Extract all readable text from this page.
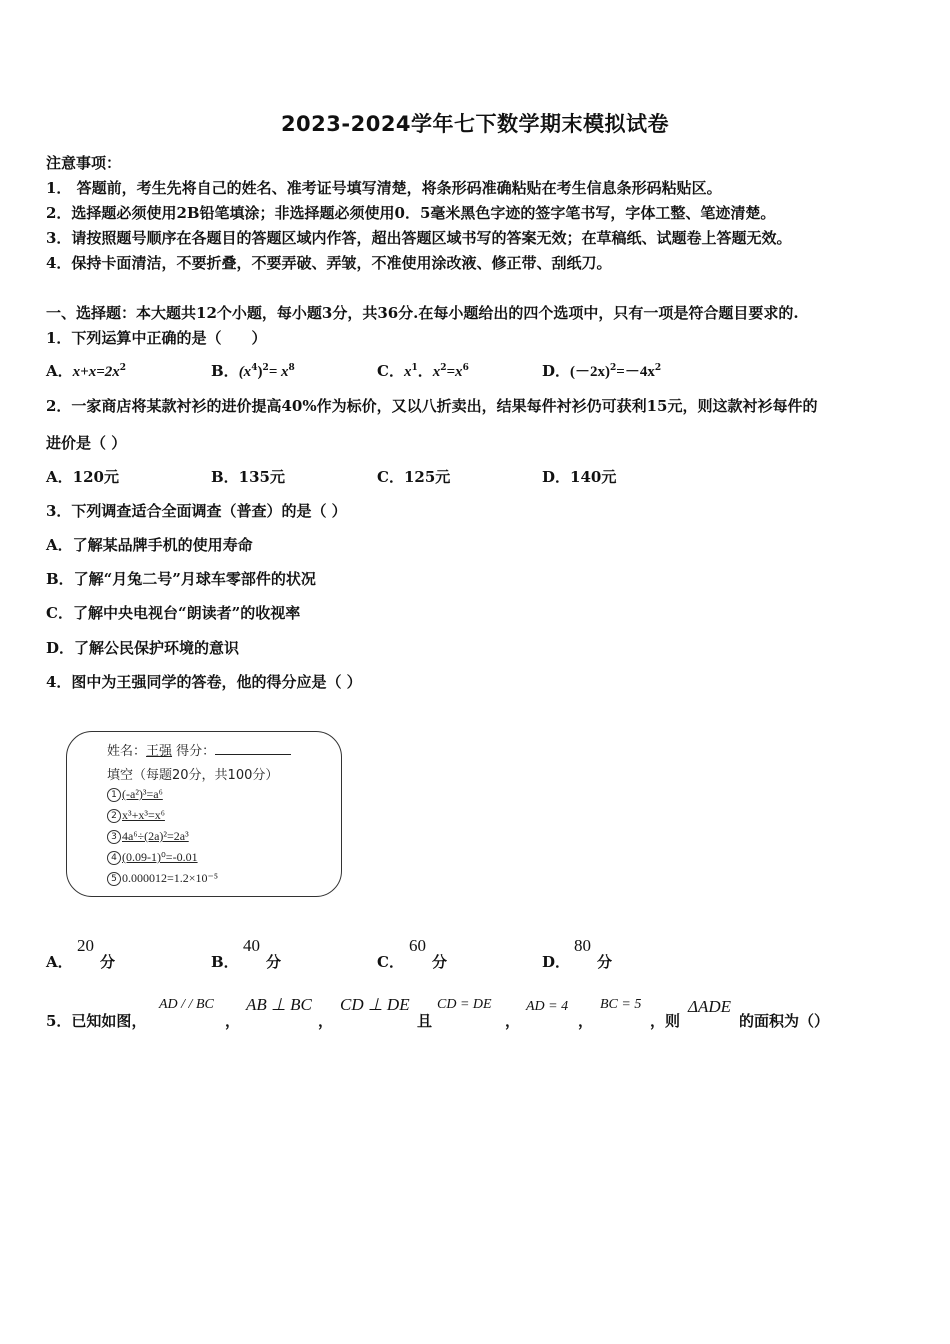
2023-2024学年七下数学期末模拟试卷
注意事项：
1． 答题前，考生先将自己的姓名、准考证号填写清楚，将条形码准确粘贴在考生信息条形码粘贴区。
2．选择题必须使用2B铅笔填涂；非选择题必须使用0．5毫米黑色字迹的签字笔书写，字体工整、笔迹清楚。
3．请按照题号顺序在各题目的答题区域内作答，超出答题区域书写的答案无效；在草稿纸、试题卷上答题无效。
4．保持卡面清洁，不要折叠，不要弄破、弄皱，不准使用涂改液、修正带、刮纸刀。
一、选择题：本大题共12个小题，每小题3分，共36分.在每小题给出的四个选项中，只有一项是符合题目要求的.
1．下列运算中正确的是（　　）
A．$x+x=2x^2$	B．$(x^4)^2= x^8$	C．$x^1$．$x^2=x^6$	D．$(-2x)^2=-4x^2$
2．一家商店将某款衬衫的进价提高40%作为标价，又以八折卖出，结果每件衬衫仍可获利15元，则这款衬衫每件的
进价是（ ）
A．120元	B．135元	C．125元	D．140元
3．下列调查适合全面调查（普查）的是（ ）
A．了解某品牌手机的使用寿命
B．了解“月兔二号”月球车零部件的状况
C．了解中央电视台“朗读者”的收视率
D．了解公民保护环境的意识
4．图中为王强同学的答卷，他的得分应是（ ）
姓名：王强 得分：
填空（每题20分，共100分）
1 (-a²)³=a⁶
2 x³+x³=x⁶
3 4a⁶÷(2a)²=2a³
4 (0.09-1)⁰=-0.01
5 0.000012=1.2×10⁻⁵
A．
20
分	B．
40
分	C．
60
分	D．
80
分
5．已知如图，
AD / / BC
，
AB ⊥ BC
，
CD ⊥ DE
且
CD = DE
，
AD = 4
，
BC = 5
，则
ΔADE
的面积为（）
